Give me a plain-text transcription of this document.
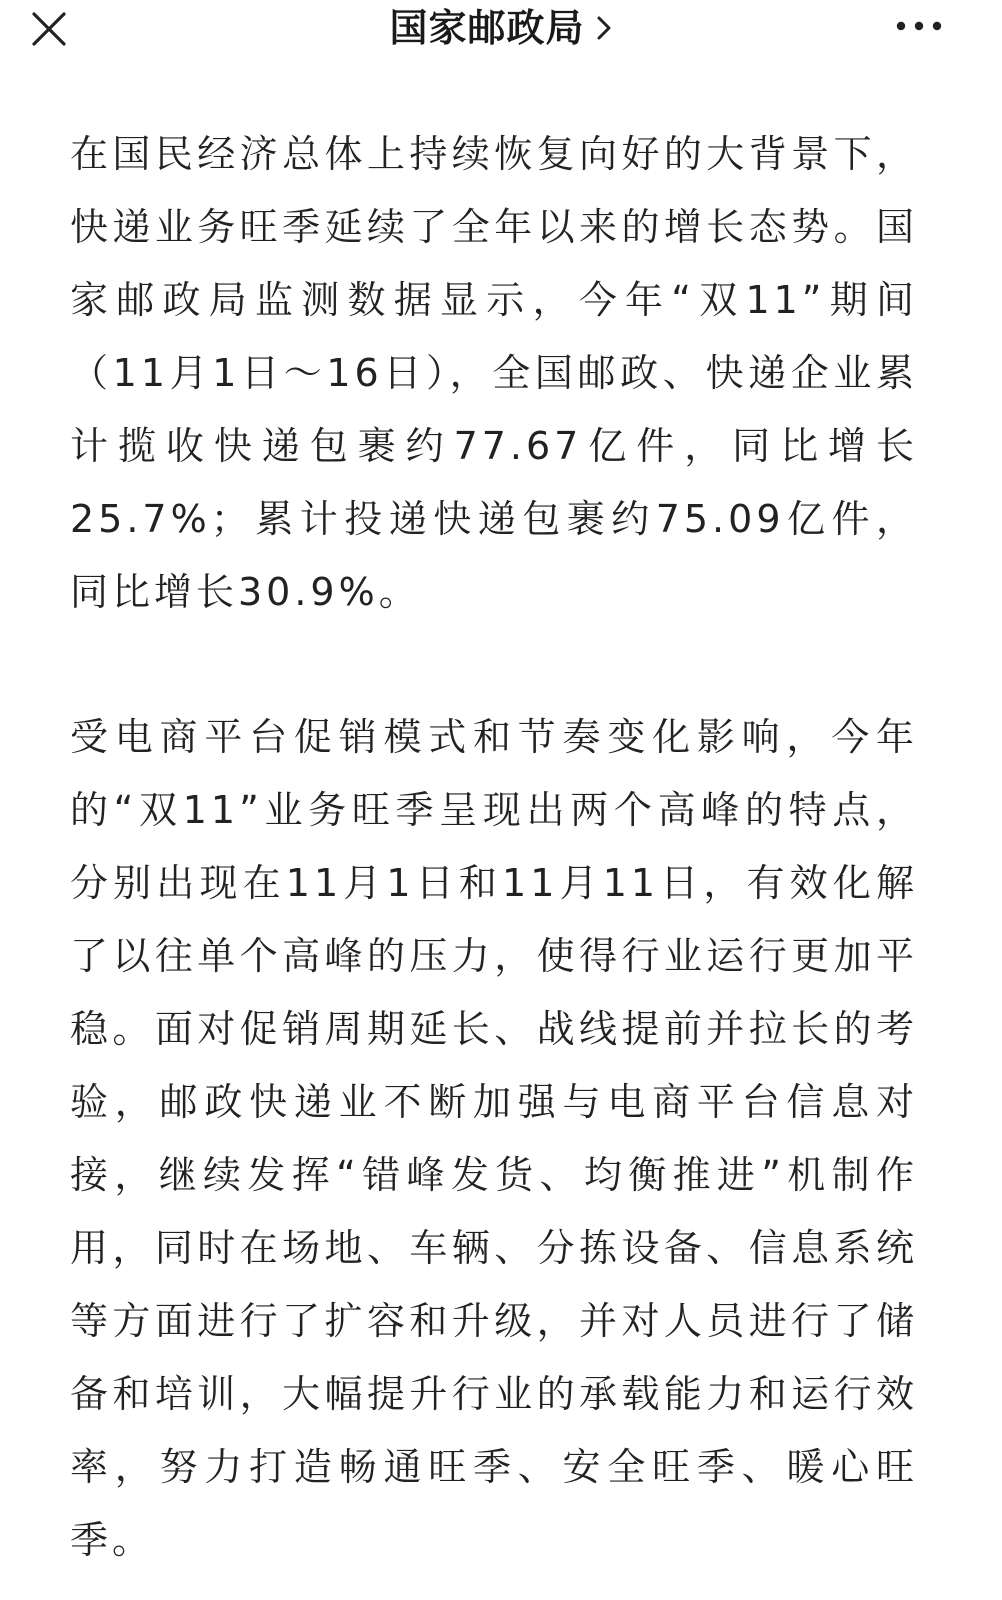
国家邮政局

在国民经济总体上持续恢复向好的大背景下，快递业务旺季延续了全年以来的增长态势。国家邮政局监测数据显示，今年“双11”期间（11月1日～16日），全国邮政、快递企业累计揽收快递包裹约77.67亿件，同比增长25.7%；累计投递快递包裹约75.09亿件，同比增长30.9%。

受电商平台促销模式和节奏变化影响，今年的“双11”业务旺季呈现出两个高峰的特点，分别出现在11月1日和11月11日，有效化解了以往单个高峰的压力，使得行业运行更加平稳。面对促销周期延长、战线提前并拉长的考验，邮政快递业不断加强与电商平台信息对接，继续发挥“错峰发货、均衡推进”机制作用，同时在场地、车辆、分拣设备、信息系统等方面进行了扩容和升级，并对人员进行了储备和培训，大幅提升行业的承载能力和运行效率，努力打造畅通旺季、安全旺季、暖心旺季。
